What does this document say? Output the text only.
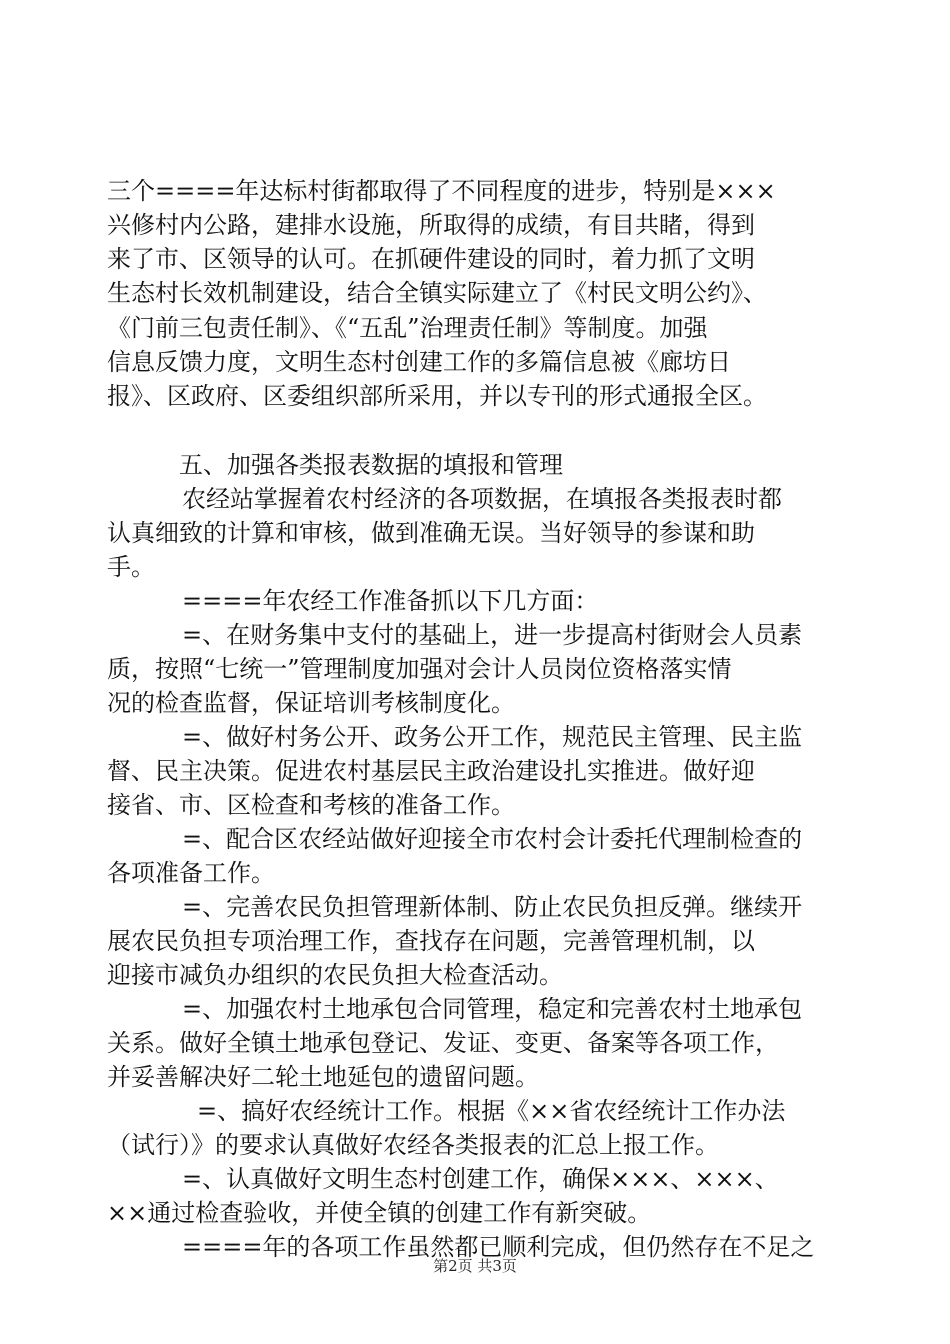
三个====年达标村街都取得了不同程度的进步，特别是×××
兴修村内公路，建排水设施，所取得的成绩，有目共睹，得到
来了市、区领导的认可。在抓硬件建设的同时，着力抓了文明
生态村长效机制建设，结合全镇实际建立了《村民文明公约》、
《门前三包责任制》、《“五乱”治理责任制》等制度。加强
信息反馈力度，文明生态村创建工作的多篇信息被《廊坊日
报》、区政府、区委组织部所采用，并以专刊的形式通报全区。
五、加强各类报表数据的填报和管理
农经站掌握着农村经济的各项数据，在填报各类报表时都
认真细致的计算和审核，做到准确无误。当好领导的参谋和助
手。
====年农经工作准备抓以下几方面：
=、在财务集中支付的基础上，进一步提高村街财会人员素
质，按照“七统一”管理制度加强对会计人员岗位资格落实情
况的检查监督，保证培训考核制度化。
=、做好村务公开、政务公开工作，规范民主管理、民主监
督、民主决策。促进农村基层民主政治建设扎实推进。做好迎
接省、市、区检查和考核的准备工作。
=、配合区农经站做好迎接全市农村会计委托代理制检查的
各项准备工作。
=、完善农民负担管理新体制、防止农民负担反弹。继续开
展农民负担专项治理工作，查找存在问题，完善管理机制，以
迎接市减负办组织的农民负担大检查活动。
=、加强农村土地承包合同管理，稳定和完善农村土地承包
关系。做好全镇土地承包登记、发证、变更、备案等各项工作，
并妥善解决好二轮土地延包的遗留问题。
=、搞好农经统计工作。根据《××省农经统计工作办法
（试行）》的要求认真做好农经各类报表的汇总上报工作。
=、认真做好文明生态村创建工作，确保×××、×××、
××通过检查验收，并使全镇的创建工作有新突破。
====年的各项工作虽然都已顺利完成，但仍然存在不足之
第2页 共3页
